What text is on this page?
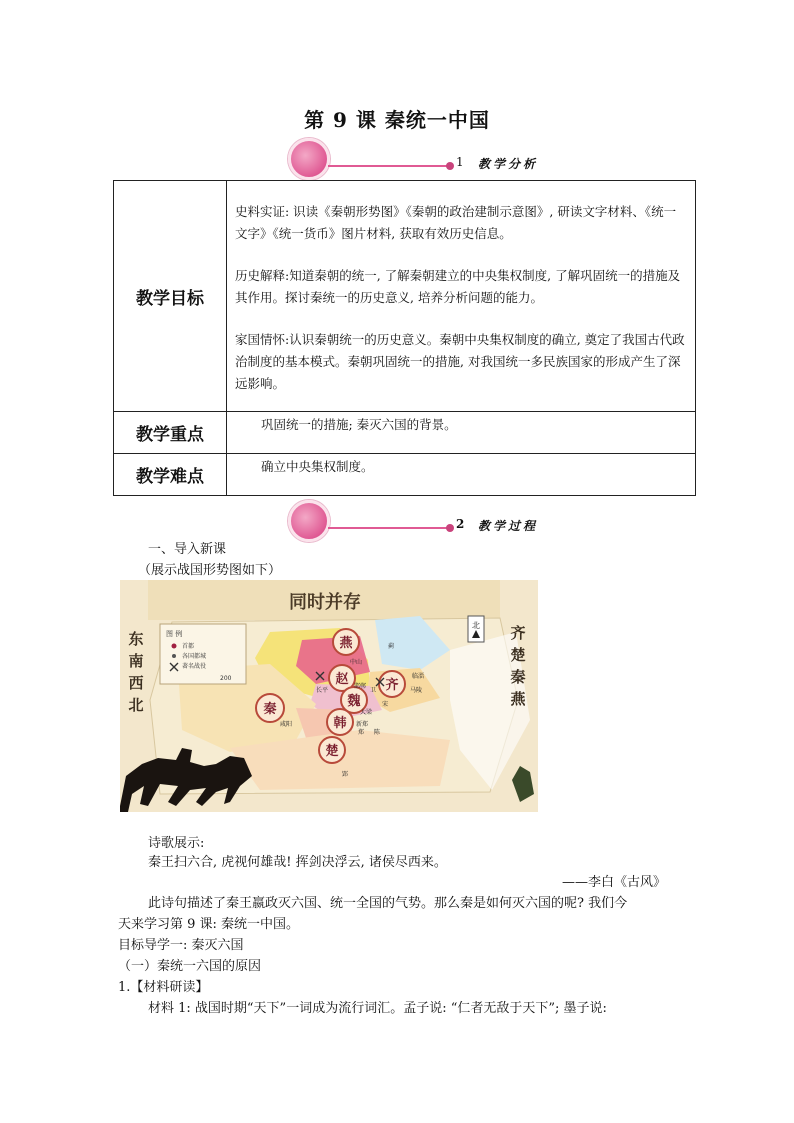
第 9 课 秦统一中国
1 教学分析
教学目标	史料实证: 识读《秦朝形势图》《秦朝的政治建制示意图》, 研读文字材料、《统一文字》《统一货币》图片材料, 获取有效历史信息。

历史解释:知道秦朝的统一, 了解秦朝建立的中央集权制度, 了解巩固统一的措施及其作用。探讨秦统一的历史意义, 培养分析问题的能力。

家国情怀:认识秦朝统一的历史意义。秦朝中央集权制度的确立, 奠定了我国古代政治制度的基本模式。秦朝巩固统一的措施, 对我国统一多民族国家的形成产生了深远影响。

教学重点	巩固统一的措施; 秦灭六国的背景。
教学难点	确立中央集权制度。
2 教学过程
一、导入新课
（展示战国形势图如下）
同时并存
图 例
首都
各国都城
著名战役
200
东
南
西
北
齐
楚
秦
燕
燕
赵	齐
魏
秦
韩
楚
中山
蓟
邯郸
长平
临淄
马陵
卫
宋
大梁
郢
咸阳	新郑
陈
郑
北
诗歌展示:
秦王扫六合, 虎视何雄哉! 挥剑决浮云, 诸侯尽西来。
——李白《古风》
此诗句描述了秦王嬴政灭六国、统一全国的气势。那么秦是如何灭六国的呢? 我们今
天来学习第 9 课: 秦统一中国。
目标导学一: 秦灭六国
（一）秦统一六国的原因
1.【材料研读】
材料 1: 战国时期“天下”一词成为流行词汇。孟子说: “仁者无敌于天下”; 墨子说:
